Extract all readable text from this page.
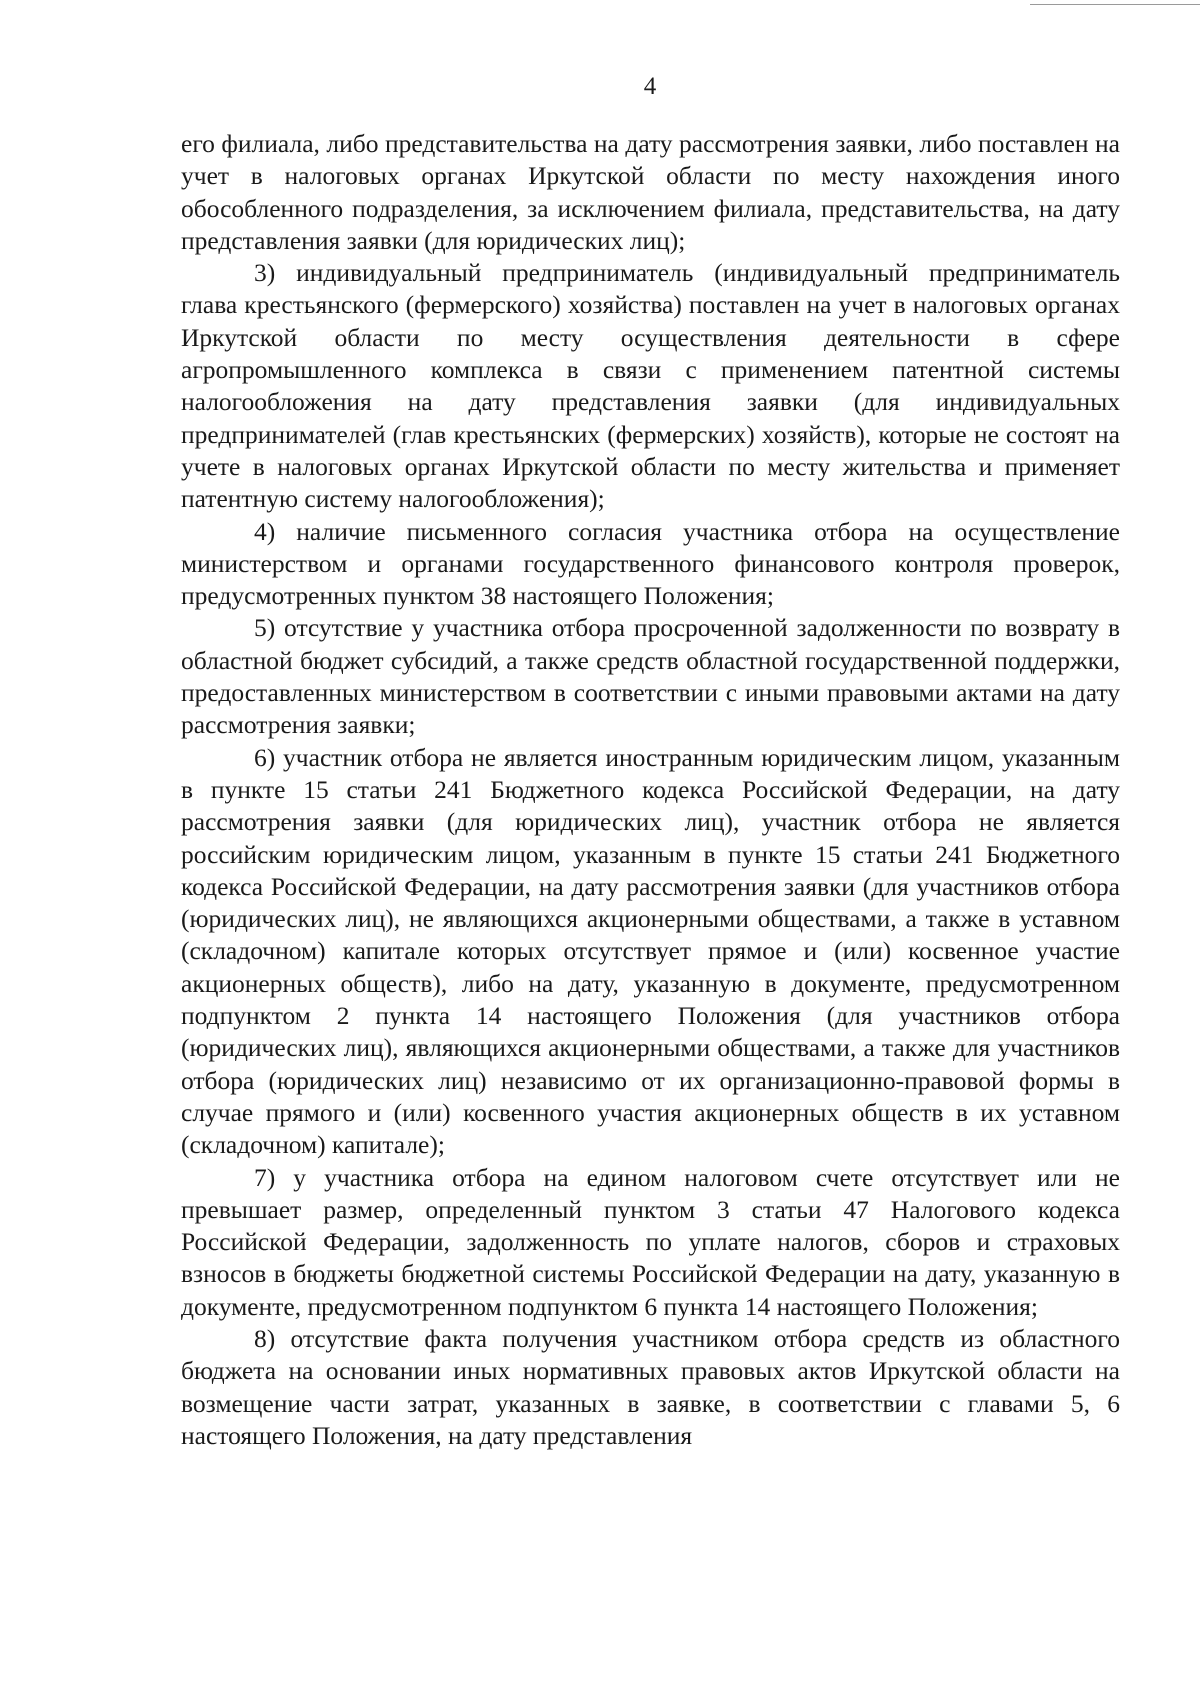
4

его филиала, либо представительства на дату рассмотрения заявки, либо поставлен на учет в налоговых органах Иркутской области по месту нахождения иного обособленного подразделения, за исключением филиала, представительства, на дату представления заявки (для юридических лиц);

3) индивидуальный предприниматель (индивидуальный предприниматель глава крестьянского (фермерского) хозяйства) поставлен на учет в налоговых органах Иркутской области по месту осуществления деятельности в сфере агропромышленного комплекса в связи с применением патентной системы налогообложения на дату представления заявки (для индивидуальных предпринимателей (глав крестьянских (фермерских) хозяйств), которые не состоят на учете в налоговых органах Иркутской области по месту жительства и применяет патентную систему налогообложения);

4) наличие письменного согласия участника отбора на осуществление министерством и органами государственного финансового контроля проверок, предусмотренных пунктом 38 настоящего Положения;

5) отсутствие у участника отбора просроченной задолженности по возврату в областной бюджет субсидий, а также средств областной государственной поддержки, предоставленных министерством в соответствии с иными правовыми актами на дату рассмотрения заявки;

6) участник отбора не является иностранным юридическим лицом, указанным в пункте 15 статьи 241 Бюджетного кодекса Российской Федерации, на дату рассмотрения заявки (для юридических лиц), участник отбора не является российским юридическим лицом, указанным в пункте 15 статьи 241 Бюджетного кодекса Российской Федерации, на дату рассмотрения заявки (для участников отбора (юридических лиц), не являющихся акционерными обществами, а также в уставном (складочном) капитале которых отсутствует прямое и (или) косвенное участие акционерных обществ), либо на дату, указанную в документе, предусмотренном подпунктом 2 пункта 14 настоящего Положения (для участников отбора (юридических лиц), являющихся акционерными обществами, а также для участников отбора (юридических лиц) независимо от их организационно-правовой формы в случае прямого и (или) косвенного участия акционерных обществ в их уставном (складочном) капитале);

7) у участника отбора на едином налоговом счете отсутствует или не превышает размер, определенный пунктом 3 статьи 47 Налогового кодекса Российской Федерации, задолженность по уплате налогов, сборов и страховых взносов в бюджеты бюджетной системы Российской Федерации на дату, указанную в документе, предусмотренном подпунктом 6 пункта 14 настоящего Положения;

8) отсутствие факта получения участником отбора средств из областного бюджета на основании иных нормативных правовых актов Иркутской области на возмещение части затрат, указанных в заявке, в соответствии с главами 5, 6 настоящего Положения, на дату представления
